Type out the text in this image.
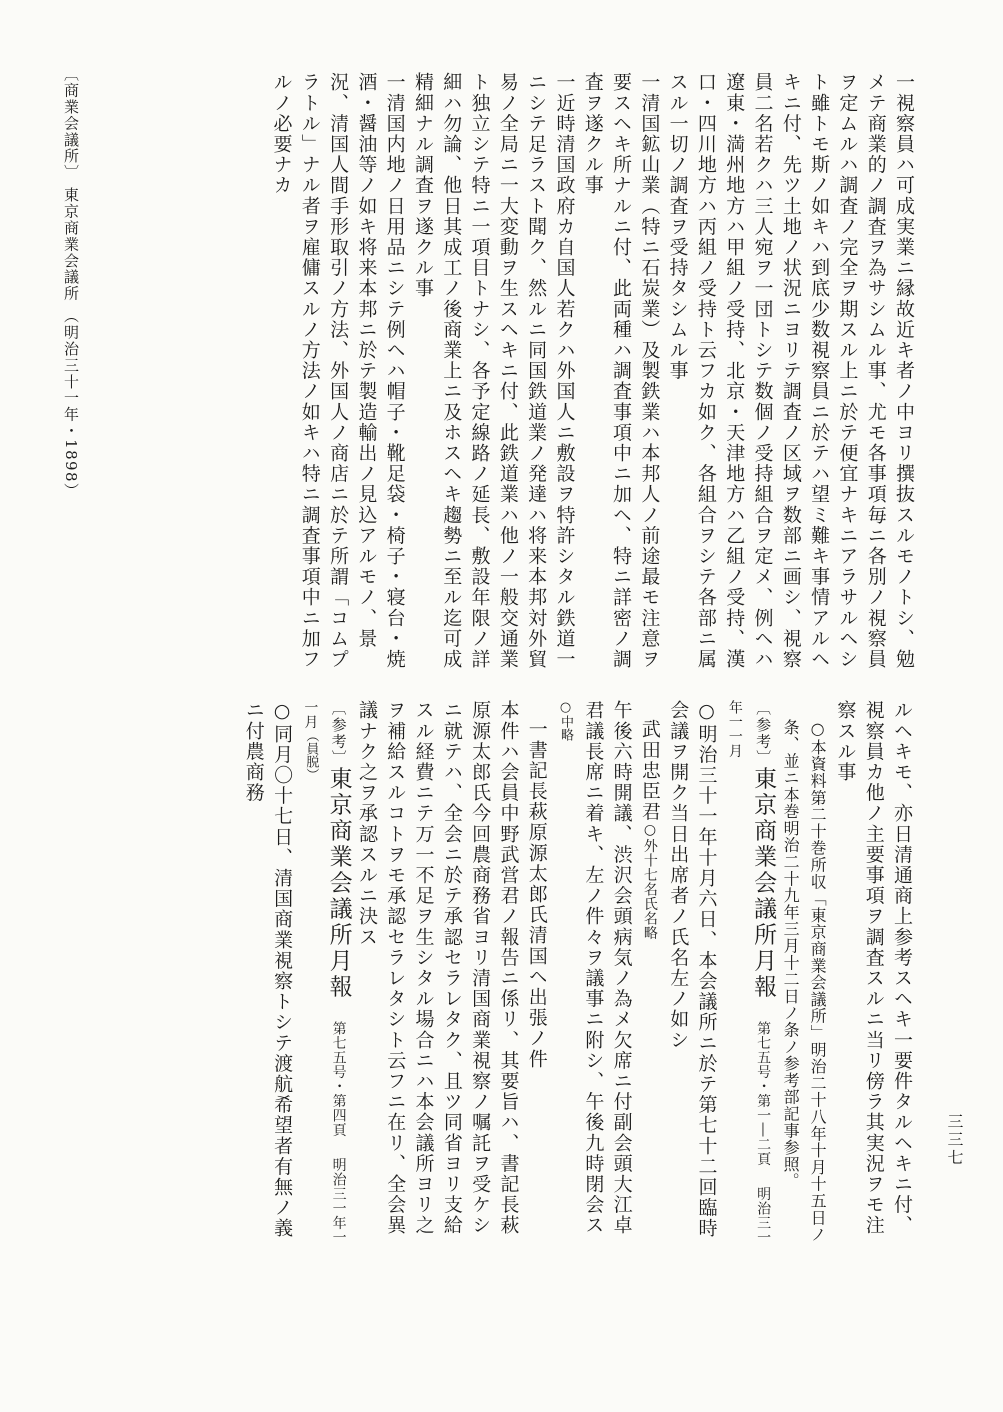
〔商業会議所〕 東京商業会議所 （明治三十一年・1898）	一視察員ハ可成実業ニ縁故近キ者ノ中ヨリ撰抜スルモノトシ、勉メテ商業的ノ調査ヲ為サシムル事、尤モ各事項毎ニ各別ノ視察員ヲ定ムルハ調査ノ完全ヲ期スル上ニ於テ便宜ナキニアラサルヘシト雖トモ斯ノ如キハ到底少数視察員ニ於テハ望ミ難キ事情アルヘキニ付、先ツ土地ノ状況ニヨリテ調査ノ区域ヲ数部ニ画シ、視察員二名若クハ三人宛ヲ一団トシテ数個ノ受持組合ヲ定メ、例ヘハ遼東・満州地方ハ甲組ノ受持、北京・天津地方ハ乙組ノ受持、漢口・四川地方ハ丙組ノ受持ト云フカ如ク、各組合ヲシテ各部ニ属スル一切ノ調査ヲ受持タシムル事

一清国鉱山業（特ニ石炭業）及製鉄業ハ本邦人ノ前途最モ注意ヲ要スヘキ所ナルニ付、此両種ハ調査事項中ニ加ヘ、特ニ詳密ノ調査ヲ遂クル事

一近時清国政府カ自国人若クハ外国人ニ敷設ヲ特許シタル鉄道一ニシテ足ラスト聞ク、然ルニ同国鉄道業ノ発達ハ将来本邦対外貿易ノ全局ニ一大変動ヲ生スヘキニ付、此鉄道業ハ他ノ一般交通業ト独立シテ特ニ一項目トナシ、各予定線路ノ延長、敷設年限ノ詳細ハ勿論、他日其成工ノ後商業上ニ及ホスヘキ趨勢ニ至ル迄可成精細ナル調査ヲ遂クル事

一清国内地ノ日用品ニシテ例ヘハ帽子・靴足袋・椅子・寝台・焼酒・醤油等ノ如キ将来本邦ニ於テ製造輸出ノ見込アルモノ、景況、清国人間手形取引ノ方法、外国人ノ商店ニ於テ所謂「コムプラトル」ナル者ヲ雇傭スルノ方法ノ如キハ特ニ調査事項中ニ加フルノ必要ナカ

ルヘキモ、亦日清通商上参考スヘキ一要件タルヘキニ付、視察員カ他ノ主要事項ヲ調査スルニ当リ傍ラ其実況ヲモ注察スル事

○本資料第二十巻所収「東京商業会議所」明治二十八年十月十五日ノ条、並ニ本巻明治二十九年三月十二日ノ条ノ参考部記事参照。

〔参考〕東京商業会議所月報　第七五号・第一―二頁　明治三一年一一月

○明治三十一年十月六日、本会議所ニ於テ第七十二回臨時会議ヲ開ク当日出席者ノ氏名左ノ如シ

武田忠臣君○外十七名氏名略

午後六時開議、渋沢会頭病気ノ為メ欠席ニ付副会頭大江卓君議長席ニ着キ、左ノ件々ヲ議事ニ附シ、午後九時閉会ス

○中略

一書記長萩原源太郎氏清国ヘ出張ノ件

本件ハ会員中野武営君ノ報告ニ係リ、其要旨ハ、書記長萩原源太郎氏今回農商務省ヨリ清国商業視察ノ嘱託ヲ受ケシニ就テハ、全会ニ於テ承認セラレタク、且ツ同省ヨリ支給スル経費ニテ万一不足ヲ生シタル場合ニハ本会議所ヨリ之ヲ補給スルコトヲモ承認セラレタシト云フニ在リ、全会異議ナク之ヲ承認スルニ決ス

〔参考〕東京商業会議所月報　第七五号・第四頁　明治三一年一一月（員脱）

○同月〇十七日、清国商業視察トシテ渡航希望者有無ノ義ニ付農商務

三三七
